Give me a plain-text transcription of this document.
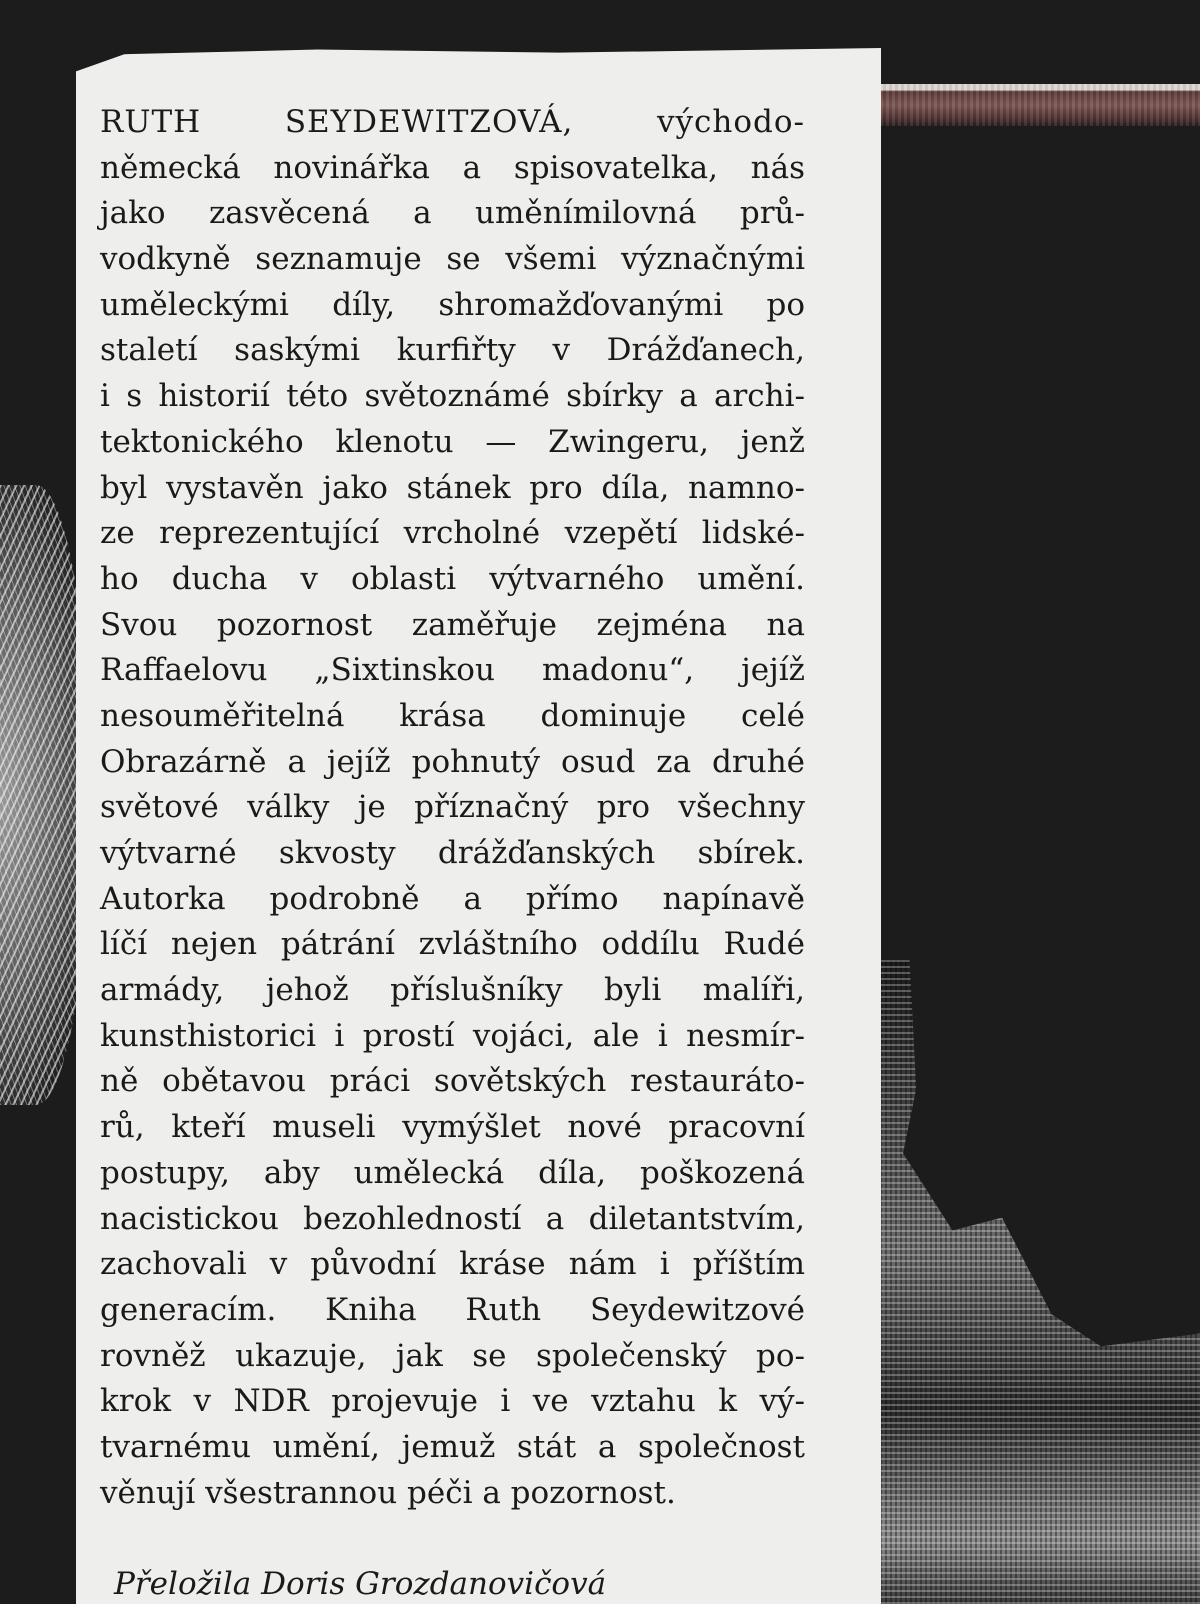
RUTH SEYDEWITZOVÁ, východo-
německá novinářka a spisovatelka, nás
jako zasvěcená a uměnímilovná prů-
vodkyně seznamuje se všemi význačnými
uměleckými díly, shromažďovanými po
staletí saskými kurfiřty v Drážďanech,
i s historií této světoznámé sbírky a archi-
tektonického klenotu — Zwingeru, jenž
byl vystavěn jako stánek pro díla, namno-
ze reprezentující vrcholné vzepětí lidské-
ho ducha v oblasti výtvarného umění.
Svou pozornost zaměřuje zejména na
Raffaelovu „Sixtinskou madonu“, jejíž
nesouměřitelná krása dominuje celé
Obrazárně a jejíž pohnutý osud za druhé
světové války je příznačný pro všechny
výtvarné skvosty drážďanských sbírek.
Autorka podrobně a přímo napínavě
líčí nejen pátrání zvláštního oddílu Rudé
armády, jehož příslušníky byli malíři,
kunsthistorici i prostí vojáci, ale i nesmír-
ně obětavou práci sovětských restauráto-
rů, kteří museli vymýšlet nové pracovní
postupy, aby umělecká díla, poškozená
nacistickou bezohledností a diletantstvím,
zachovali v původní kráse nám i příštím
generacím. Kniha Ruth Seydewitzové
rovněž ukazuje, jak se společenský po-
krok v NDR projevuje i ve vztahu k vý-
tvarnému umění, jemuž stát a společnost
věnují všestrannou péči a pozornost.
Přeložila Doris Grozdanovičová
